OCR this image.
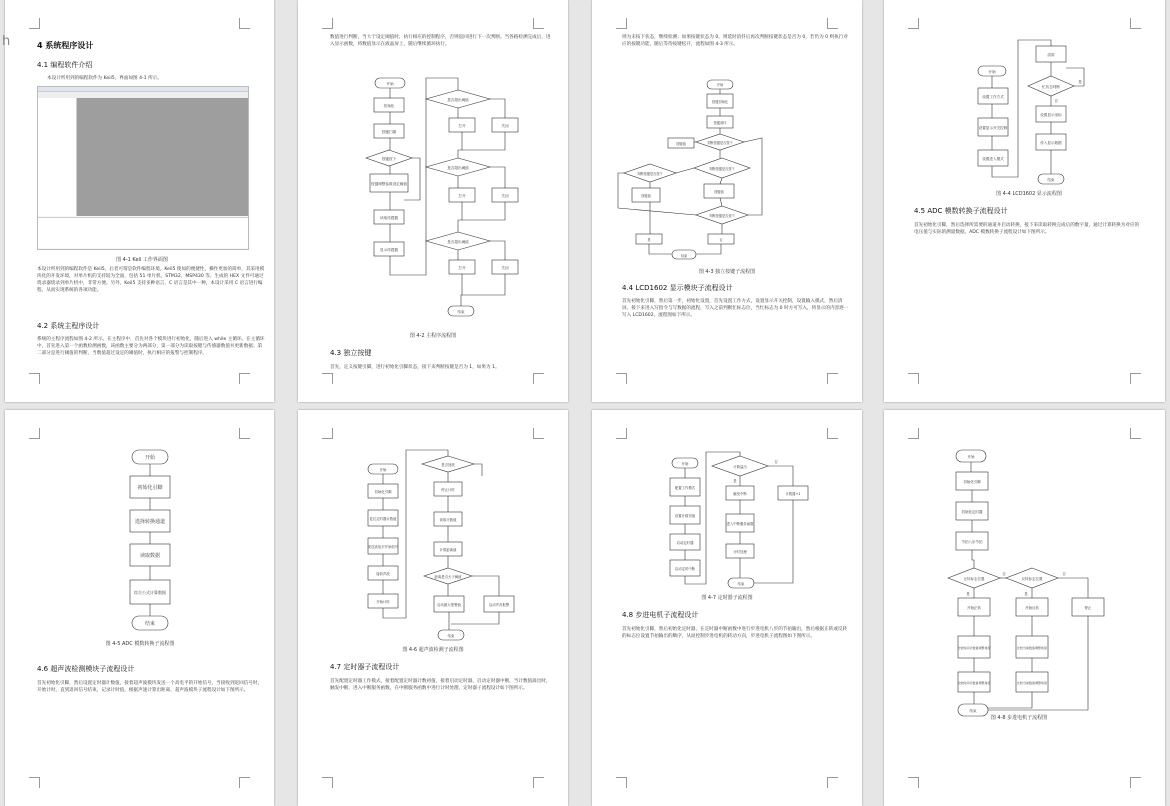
4 系统程序设计
4.1 编程软件介绍
本设计所用到的编程软件为 Keil5，界面如图 4-1 所示。
图 4-1 Keil 工作界面图
本设计所用到的编程软件是 Keil5。后者可谓是软件编程环境。Keil5 使如的便捷性，操作更加的简单，其采用模块化的开发环境，对单片机的支持较为全面，包括 51 单片机、STM32、MSP430 等。生成的 HEX 文件可通过烧录器烧录到单片机中，非常方便。另外，Keil5 支持多种语言，C 语言是其中一种，本设计采用 C 语言进行编程，从而实现系统的各项功能。
4.2 系统主程序设计
系统的主程序流程如图 4-2 所示。在主程序中，首先对各个模块进行初始化，随后进入 while 主循环。在主循环中，首先进入第一个函数检测函数，该函数主要分为两部分，第一部分为读取按键与传感器数值并更新数据；第二部分是进行阈值的判断，当数值超过设定的阈值时，执行相应的报警与控制程序。
h	数值进行判断，当大于设定阈值时，执行相应的控制程序，否则返回进行下一次判断。当各路检测完成后，进入显示函数，将数值显示在液晶屏上，随后继续循环执行。
开始
初始化
按键扫描
按键按下
按键调整参数设定阈值
读取传感器
显示传感器
结束
是否超出阈值
打开	关闭
是否超出阈值
打开	关闭
是否超出阈值
打开	关闭
图 4-2 主程序流程图
4.3 独立按键
首先，定义按键引脚，进行初始化引脚状态，接下来判断按键是否为 1，如果为 1。
则为未按下状态，继续检测；如果按键状态为 0，则延时消抖后再次判断按键状态是否为 0，若仍为 0 则执行对应的按键功能，随后等待按键松开，流程如图 4-3 所示。
开始
按键初始化
按键消抖
判断按键是否按下
按键值
判断按键是否按下
判断按键是否按下
按键值
按键值
判断按键是否按下
是	否
结束
图 4-3 独立按键子流程图
4.4 LCD1602 显示模块子流程设计
首先初始化引脚，然后第一步，初始化设置，首先设置工作方式，设置显示开关控制，设置输入模式，然后清屏。接下来进入写指令与写数据的流程，写入之前判断忙标志位，当忙标志为 0 时方可写入，将显示的内容逐一写入 LCD1602，流程图如下所示。
开始
设置工作方式
设置显示开关控制
设置进入模式
清屏
忙状态判断
设置显示坐标
传入显示数据
结束
是
否
图 4-4 LCD1602 显示流程图
4.5 ADC 模数转换子流程设计
首先初始化引脚，然后选择所需要的通道并启动转换，接下来读取转换完成后的数字量，通过计算转换为对应的电压值与实际的测量数据，ADC 模数转换子流程设计如下图所示。
开始
初始化引脚
选择转换通道
读取数据
综合公式计算数据
结束
图 4-5 ADC 模数转换子流程图
4.6 超声波检测模块子流程设计
首先初始化引脚，然后设置定时器计数值，接着超声波模块发送一个高电平的开始信号，当接收到返回信号时，开始计时，直到返回信号结束，记录计时值，根据声速计算出距离，超声波模块子流程设计如下图所示。
开始
初始化引脚
复位定时器计数值
发送高电平开始信号
接收声波
开始计时
是否回波
停止计时
读取计数值
计算距离值
距离是否大于阈值
启动最大报警值	启动声音报警
结束
图 4-6 超声波检测子流程图
4.7 定时器子流程设计
首先配置定时器工作模式，接着配置定时器计数初值，接着启动定时器，启动定时器中断，当计数值溢出时，触发中断，进入中断服务函数，在中断服务函数中进行计时处理，定时器子流程设计如下图所示。
开始
配置工作模式
设置计数初值
启动定时器
启动定时中断
计数溢出
触发中断
进入中断服务函数
计时处理
计数器+1
结束
是
否
图 4-7 定时器子流程图
4.8 步进电机子流程设计
首先初始化引脚，然后初始化定时器，在定时器中断函数中进行步进电机八步的节拍输出，然后根据正转或反转的标志位设置节拍输出的顺序，从而控制步进电机的转动方向，步进电机子流程图如下图所示。
开始
初始化引脚
初始化定时器
节拍八步节拍
正转标志位置	反转标志位置
开始正转	开始反转	停止
比较时间计数值调整角度	比较当前数值调整角度
比较时间计数值调整角度	比较当前数值调整角度
结束
是
否
是
否
图 4-8 步进电机子流程图
